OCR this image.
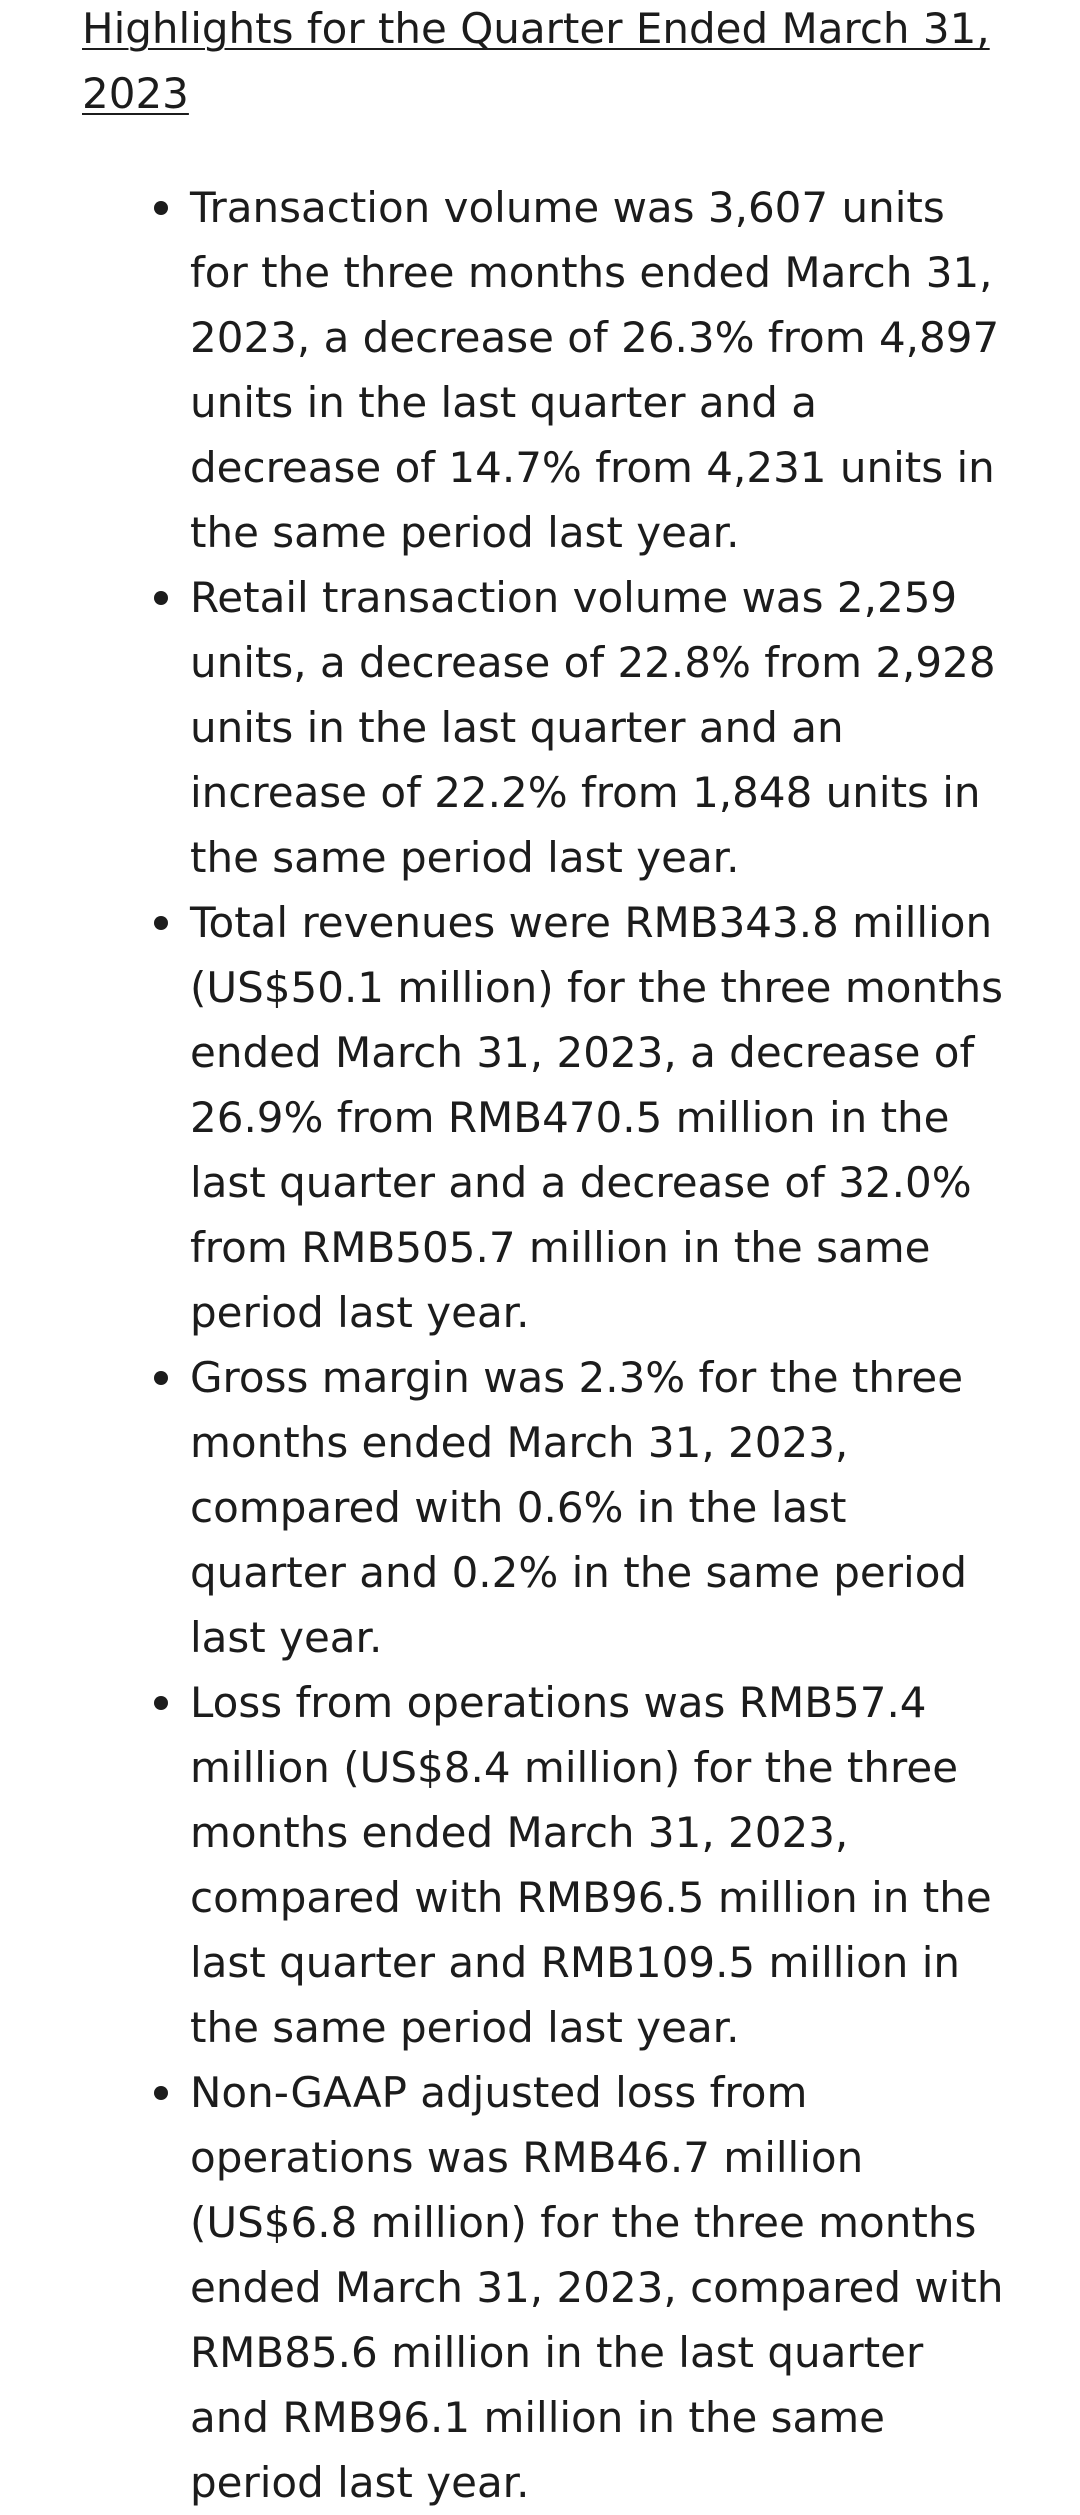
Highlights for the Quarter Ended March 31, 2023
Transaction volume was 3,607 units for the three months ended March 31, 2023, a decrease of 26.3% from 4,897 units in the last quarter and a decrease of 14.7% from 4,231 units in the same period last year.
Retail transaction volume was 2,259 units, a decrease of 22.8% from 2,928 units in the last quarter and an increase of 22.2% from 1,848 units in the same period last year.
Total revenues were RMB343.8 million (US$50.1 million) for the three months ended March 31, 2023, a decrease of 26.9% from RMB470.5 million in the last quarter and a decrease of 32.0% from RMB505.7 million in the same period last year.
Gross margin was 2.3% for the three months ended March 31, 2023, compared with 0.6% in the last quarter and 0.2% in the same period last year.
Loss from operations was RMB57.4 million (US$8.4 million) for the three months ended March 31, 2023, compared with RMB96.5 million in the last quarter and RMB109.5 million in the same period last year.
Non-GAAP adjusted loss from operations was RMB46.7 million (US$6.8 million) for the three months ended March 31, 2023, compared with RMB85.6 million in the last quarter and RMB96.1 million in the same period last year.
